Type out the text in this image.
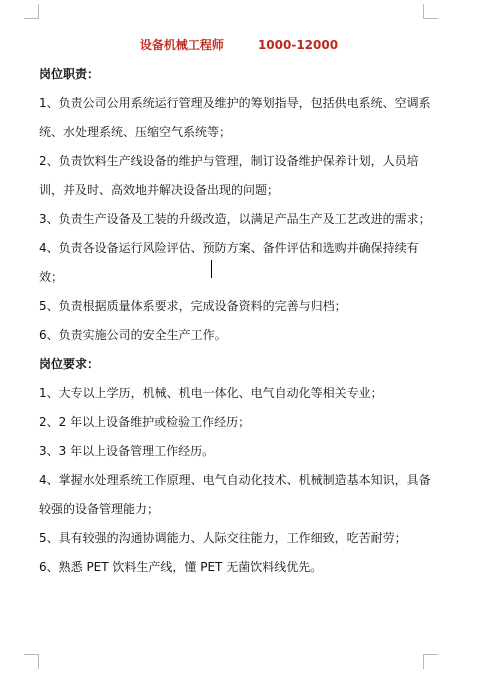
设备机械工程师	1000-12000

岗位职责：

1、负责公司公用系统运行管理及维护的筹划指导，包括供电系统、空调系统、水处理系统、压缩空气系统等；

2、负责饮料生产线设备的维护与管理，制订设备维护保养计划，人员培训，并及时、高效地并解决设备出现的问题；

3、负责生产设备及工装的升级改造，以满足产品生产及工艺改进的需求；

4、负责各设备运行风险评估、预防方案、备件评估和选购并确保持续有效；

5、负责根据质量体系要求，完成设备资料的完善与归档；

6、负责实施公司的安全生产工作。

岗位要求：

1、大专以上学历，机械、机电一体化、电气自动化等相关专业；

2、2 年以上设备维护或检验工作经历；

3、3 年以上设备管理工作经历。

4、掌握水处理系统工作原理、电气自动化技术、机械制造基本知识，具备较强的设备管理能力；

5、具有较强的沟通协调能力、人际交往能力，工作细致，吃苦耐劳；

6、熟悉 PET 饮料生产线，懂 PET 无菌饮料线优先。
